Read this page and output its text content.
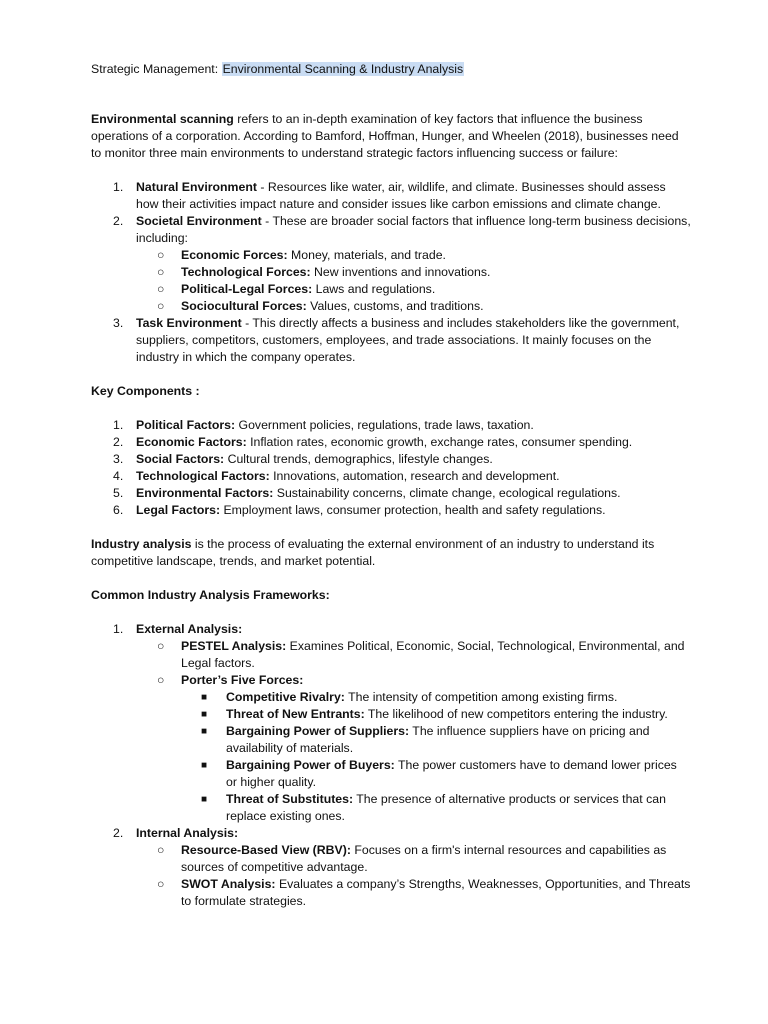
Strategic Management: Environmental Scanning & Industry Analysis

Environmental scanning refers to an in-depth examination of key factors that influence the business operations of a corporation. According to Bamford, Hoffman, Hunger, and Wheelen (2018), businesses need to monitor three main environments to understand strategic factors influencing success or failure:

1. Natural Environment - Resources like water, air, wildlife, and climate. Businesses should assess how their activities impact nature and consider issues like carbon emissions and climate change.
2. Societal Environment - These are broader social factors that influence long-term business decisions, including:
○ Economic Forces: Money, materials, and trade.
○ Technological Forces: New inventions and innovations.
○ Political-Legal Forces: Laws and regulations.
○ Sociocultural Forces: Values, customs, and traditions.
3. Task Environment - This directly affects a business and includes stakeholders like the government, suppliers, competitors, customers, employees, and trade associations. It mainly focuses on the industry in which the company operates.

Key Components :

1. Political Factors: Government policies, regulations, trade laws, taxation.
2. Economic Factors: Inflation rates, economic growth, exchange rates, consumer spending.
3. Social Factors: Cultural trends, demographics, lifestyle changes.
4. Technological Factors: Innovations, automation, research and development.
5. Environmental Factors: Sustainability concerns, climate change, ecological regulations.
6. Legal Factors: Employment laws, consumer protection, health and safety regulations.

Industry analysis is the process of evaluating the external environment of an industry to understand its competitive landscape, trends, and market potential.

Common Industry Analysis Frameworks:

1. External Analysis:
○ PESTEL Analysis: Examines Political, Economic, Social, Technological, Environmental, and Legal factors.
○ Porter’s Five Forces:
■ Competitive Rivalry: The intensity of competition among existing firms.
■ Threat of New Entrants: The likelihood of new competitors entering the industry.
■ Bargaining Power of Suppliers: The influence suppliers have on pricing and availability of materials.
■ Bargaining Power of Buyers: The power customers have to demand lower prices or higher quality.
■ Threat of Substitutes: The presence of alternative products or services that can replace existing ones.
2. Internal Analysis:
○ Resource-Based View (RBV): Focuses on a firm's internal resources and capabilities as sources of competitive advantage.
○ SWOT Analysis: Evaluates a company’s Strengths, Weaknesses, Opportunities, and Threats to formulate strategies.
